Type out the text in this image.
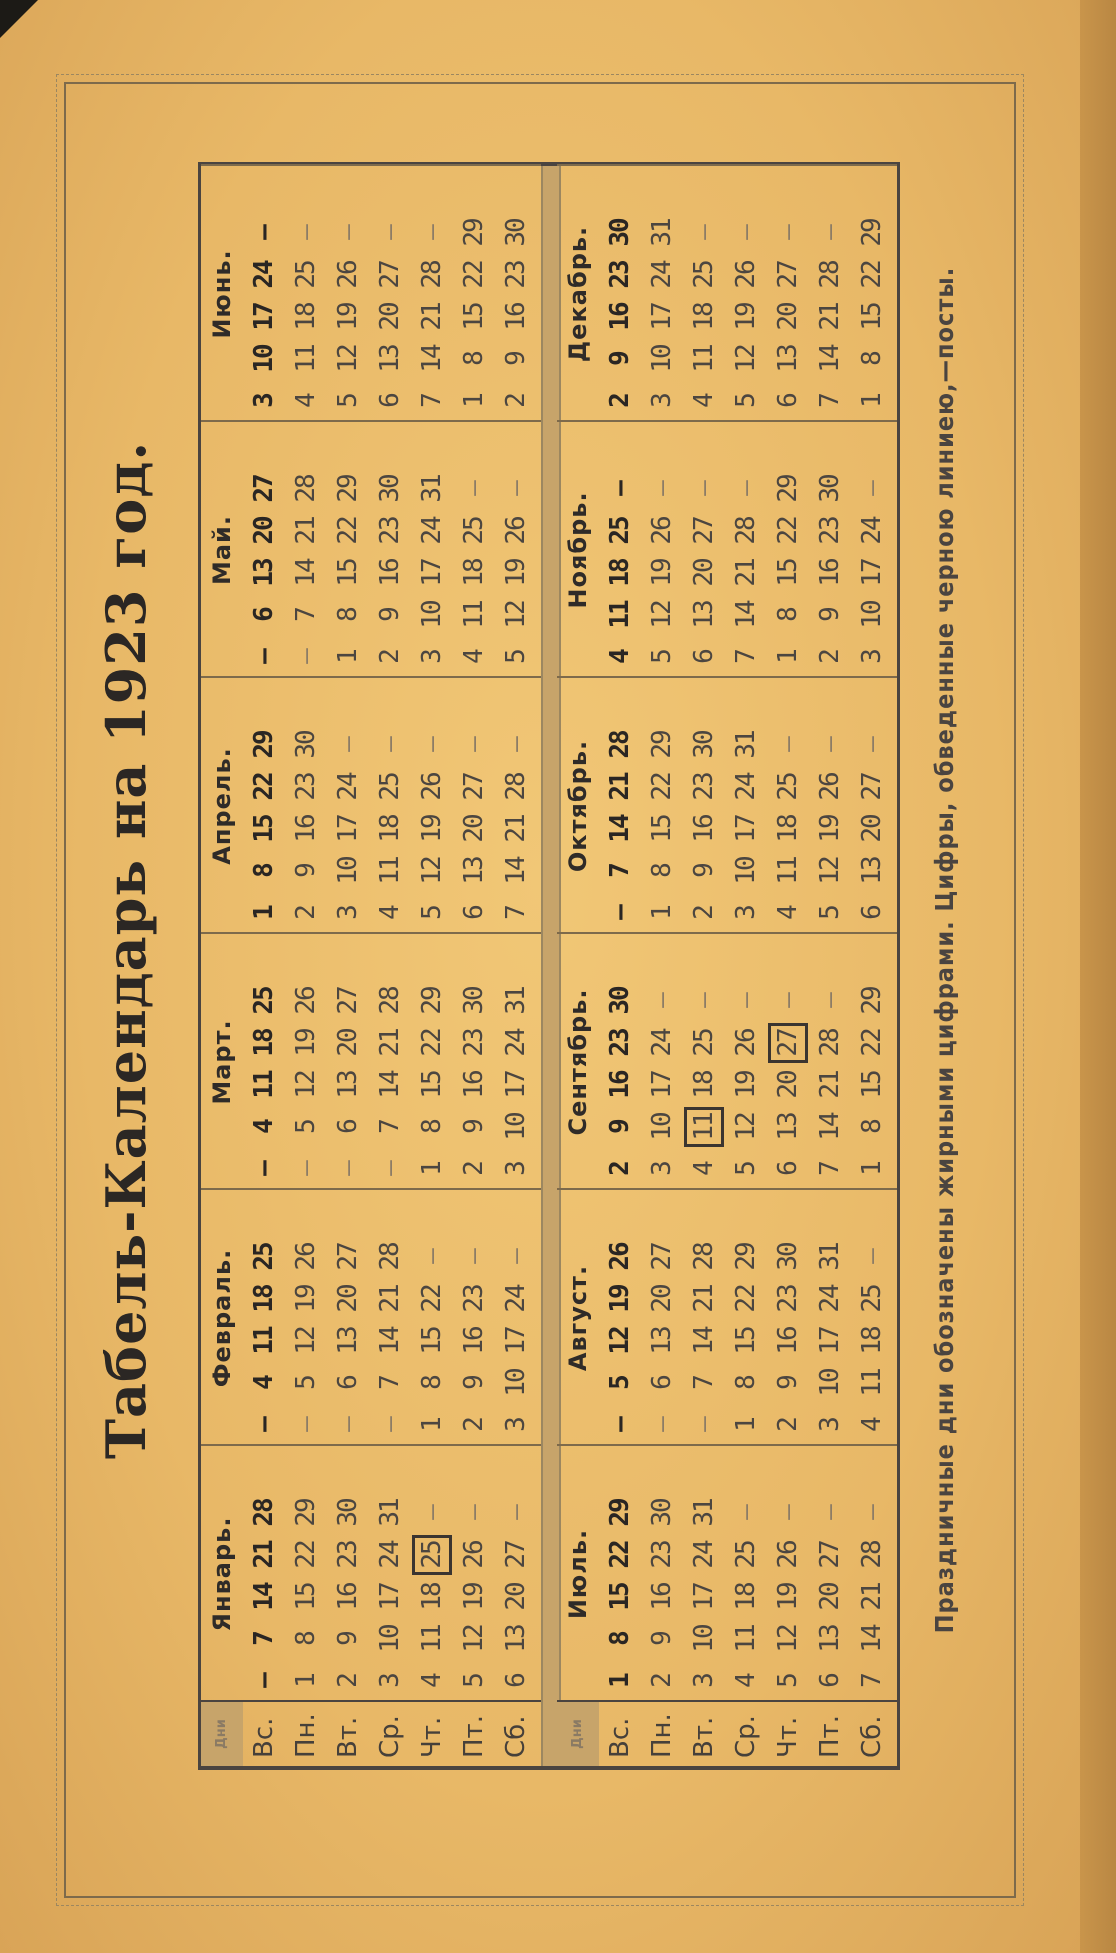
Табель-Календарь на 1923 год.
Дни Вс. Пн. Вт. Ср. Чт. Пт. Сб.
Январь.
—
7
14
21
28
1
8
15
22
29
2
9
16
23
30
3
10
17
24
31
4
11
18
25
—
5
12
19
26
—
6
13
20
27
—
Февраль.
—
4
11
18
25
—
5
12
19
26
—
6
13
20
27
—
7
14
21
28
1
8
15
22
—
2
9
16
23
—
3
10
17
24
—
Март.
—
4
11
18
25
—
5
12
19
26
—
6
13
20
27
—
7
14
21
28
1
8
15
22
29
2
9
16
23
30
3
10
17
24
31
Апрель.
1
8
15
22
29
2
9
16
23
30
3
10
17
24
—
4
11
18
25
—
5
12
19
26
—
6
13
20
27
—
7
14
21
28
—
Май.
—
6
13
20
27
—
7
14
21
28
1
8
15
22
29
2
9
16
23
30
3
10
17
24
31
4
11
18
25
—
5
12
19
26
—
Июнь.
3
10
17
24
—
4
11
18
25
—
5
12
19
26
—
6
13
20
27
—
7
14
21
28
—
1
8
15
22
29
2
9
16
23
30
Дни Вс. Пн. Вт. Ср. Чт. Пт. Сб.
Июль.
1
8
15
22
29
2
9
16
23
30
3
10
17
24
31
4
11
18
25
—
5
12
19
26
—
6
13
20
27
—
7
14
21
28
—
Август.
—
5
12
19
26
—
6
13
20
27
—
7
14
21
28
1
8
15
22
29
2
9
16
23
30
3
10
17
24
31
4
11
18
25
—
Сентябрь.
2
9
16
23
30
3
10
17
24
—
4
11
18
25
—
5
12
19
26
—
6
13
20
27
—
7
14
21
28
—
1
8
15
22
29
Октябрь.
—
7
14
21
28
1
8
15
22
29
2
9
16
23
30
3
10
17
24
31
4
11
18
25
—
5
12
19
26
—
6
13
20
27
—
Ноябрь.
4
11
18
25
—
5
12
19
26
—
6
13
20
27
—
7
14
21
28
—
1
8
15
22
29
2
9
16
23
30
3
10
17
24
—
Декабрь.
2
9
16
23
30
3
10
17
24
31
4
11
18
25
—
5
12
19
26
—
6
13
20
27
—
7
14
21
28
—
1
8
15
22
29
Праздничные дни обозначены жирными цифрами. Цифры, обведенные черною линиею,—посты.
